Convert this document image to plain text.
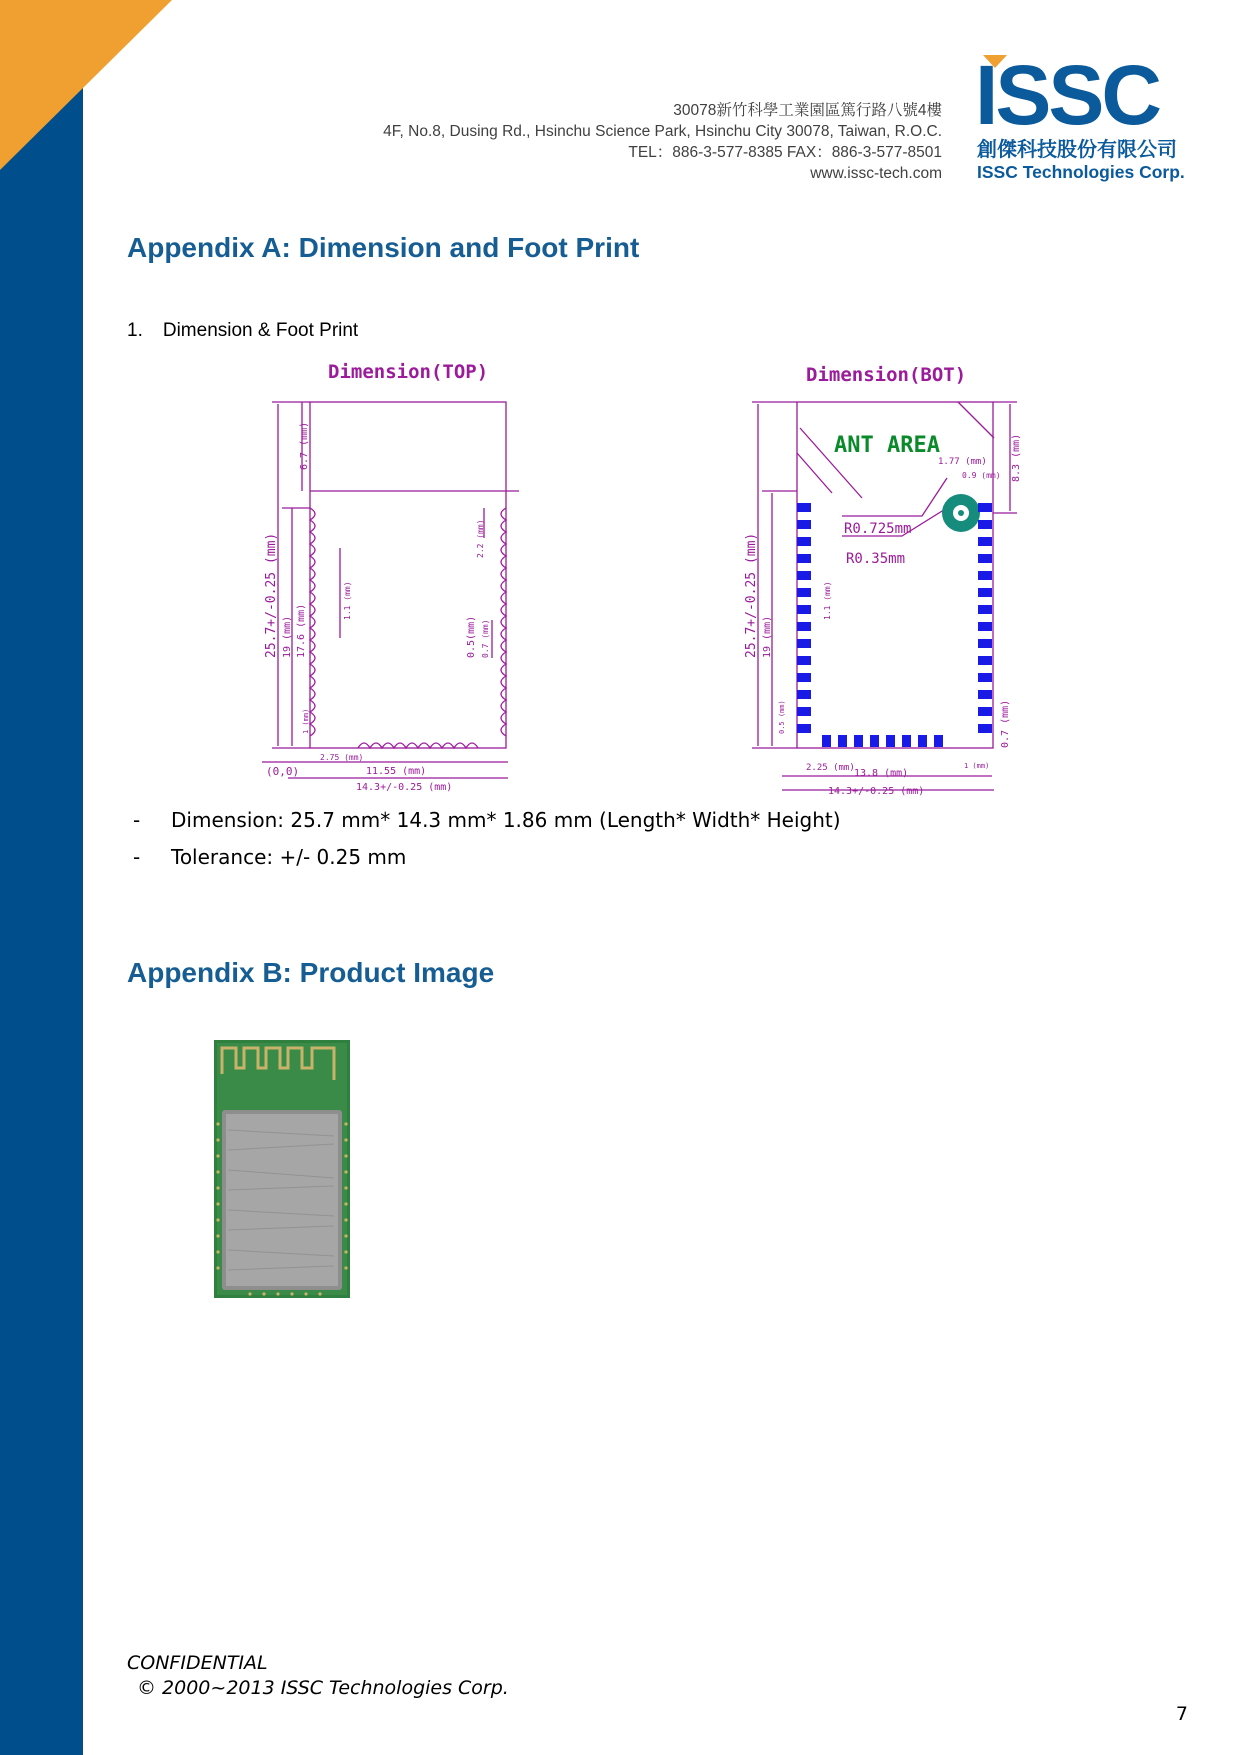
30078新竹科學工業園區篤行路八號4樓
4F, No.8, Dusing Rd., Hsinchu Science Park, Hsinchu City 30078, Taiwan, R.O.C.
TEL：886-3-577-8385 FAX：886-3-577-8501
www.issc-tech.com
ISSC
創傑科技股份有限公司
ISSC Technologies Corp.
Appendix A: Dimension and Foot Print
1. Dimension & Foot Print
Dimension(TOP)
25.7+/-0.25 (mm)
6.7 (mm)
19 (mm) 17.6 (mm)
1.1 (mm)
2.2 (mm)
0.5(mm) 0.7 (mm)
1 (mm)
2.75 (mm)
11.55 (mm)
14.3+/-0.25 (mm)
(0,0)
Dimension(BOT)
ANT AREA
1.77 (mm)
0.9 (mm) 8.3 (mm)
R0.725mm
R0.35mm
25.7+/-0.25 (mm) 19 (mm)
1.1 (mm)
0.5 (mm)	0.7 (mm)
2.25 (mm) 13.8 (mm)
14.3+/-0.25 (mm)
1 (mm)
- Dimension: 25.7 mm* 14.3 mm* 1.86 mm (Length* Width* Height)
- Tolerance: +/- 0.25 mm
Appendix B: Product Image
CONFIDENTIAL
© 2000~2013 ISSC Technologies Corp.
7
